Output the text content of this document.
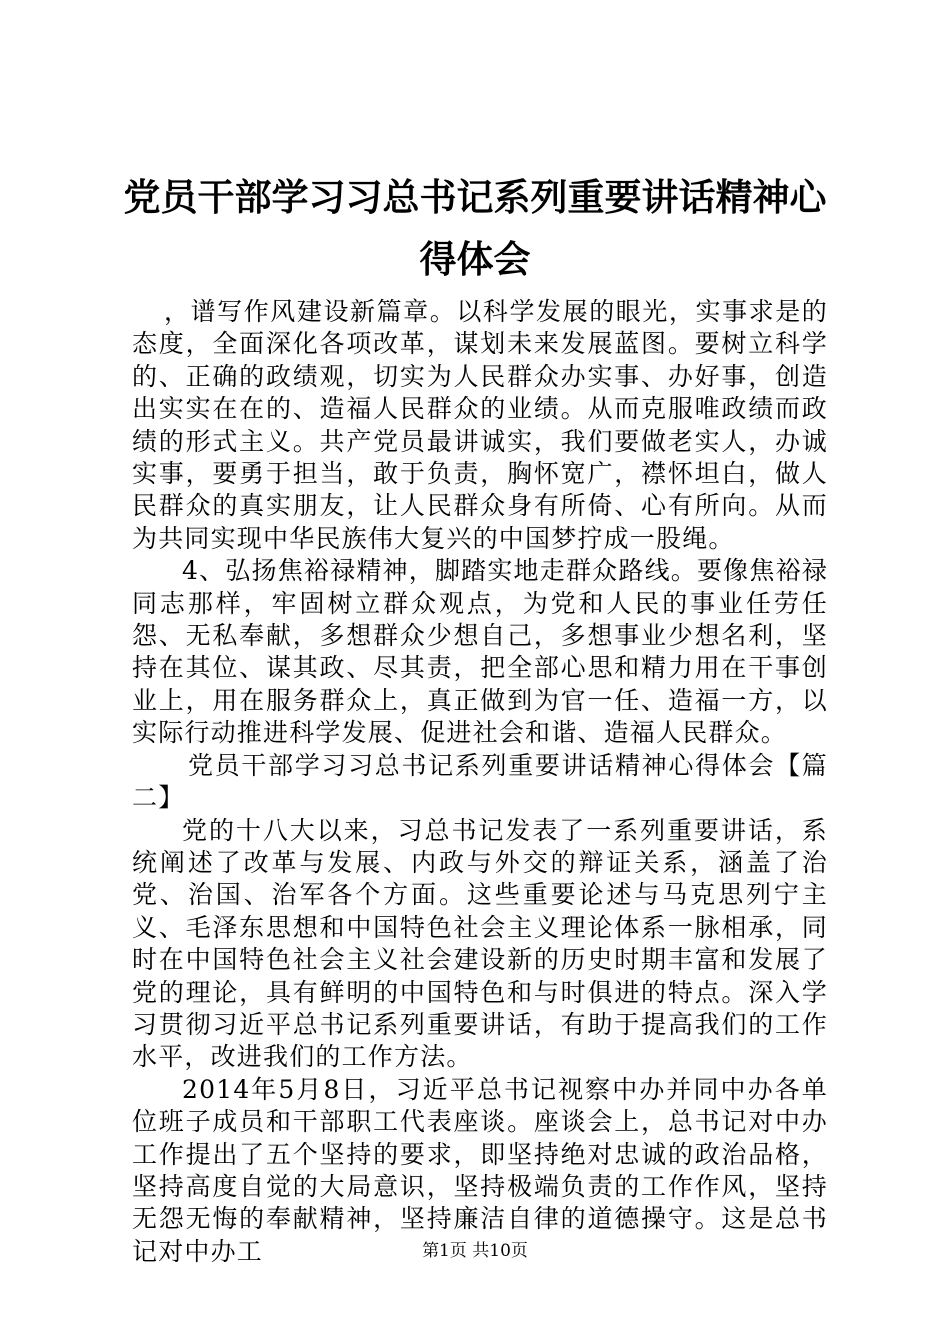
党员干部学习习总书记系列重要讲话精神心得体会

，谱写作风建设新篇章。以科学发展的眼光，实事求是的态度，全面深化各项改革，谋划未来发展蓝图。要树立科学的、正确的政绩观，切实为人民群众办实事、办好事，创造出实实在在的、造福人民群众的业绩。从而克服唯政绩而政绩的形式主义。共产党员最讲诚实，我们要做老实人，办诚实事，要勇于担当，敢于负责，胸怀宽广，襟怀坦白，做人民群众的真实朋友，让人民群众身有所倚、心有所向。从而为共同实现中华民族伟大复兴的中国梦拧成一股绳。

4、弘扬焦裕禄精神，脚踏实地走群众路线。要像焦裕禄同志那样，牢固树立群众观点，为党和人民的事业任劳任怨、无私奉献，多想群众少想自己，多想事业少想名利，坚持在其位、谋其政、尽其责，把全部心思和精力用在干事创业上，用在服务群众上，真正做到为官一任、造福一方，以实际行动推进科学发展、促进社会和谐、造福人民群众。

党员干部学习习总书记系列重要讲话精神心得体会【篇二】

党的十八大以来，习总书记发表了一系列重要讲话，系统阐述了改革与发展、内政与外交的辩证关系，涵盖了治党、治国、治军各个方面。这些重要论述与马克思列宁主义、毛泽东思想和中国特色社会主义理论体系一脉相承，同时在中国特色社会主义社会建设新的历史时期丰富和发展了党的理论，具有鲜明的中国特色和与时俱进的特点。深入学习贯彻习近平总书记系列重要讲话，有助于提高我们的工作水平，改进我们的工作方法。

2014年5月8日，习近平总书记视察中办并同中办各单位班子成员和干部职工代表座谈。座谈会上，总书记对中办工作提出了五个坚持的要求，即坚持绝对忠诚的政治品格，坚持高度自觉的大局意识，坚持极端负责的工作作风，坚持无怨无悔的奉献精神，坚持廉洁自律的道德操守。这是总书记对中办工	第1页 共10页
